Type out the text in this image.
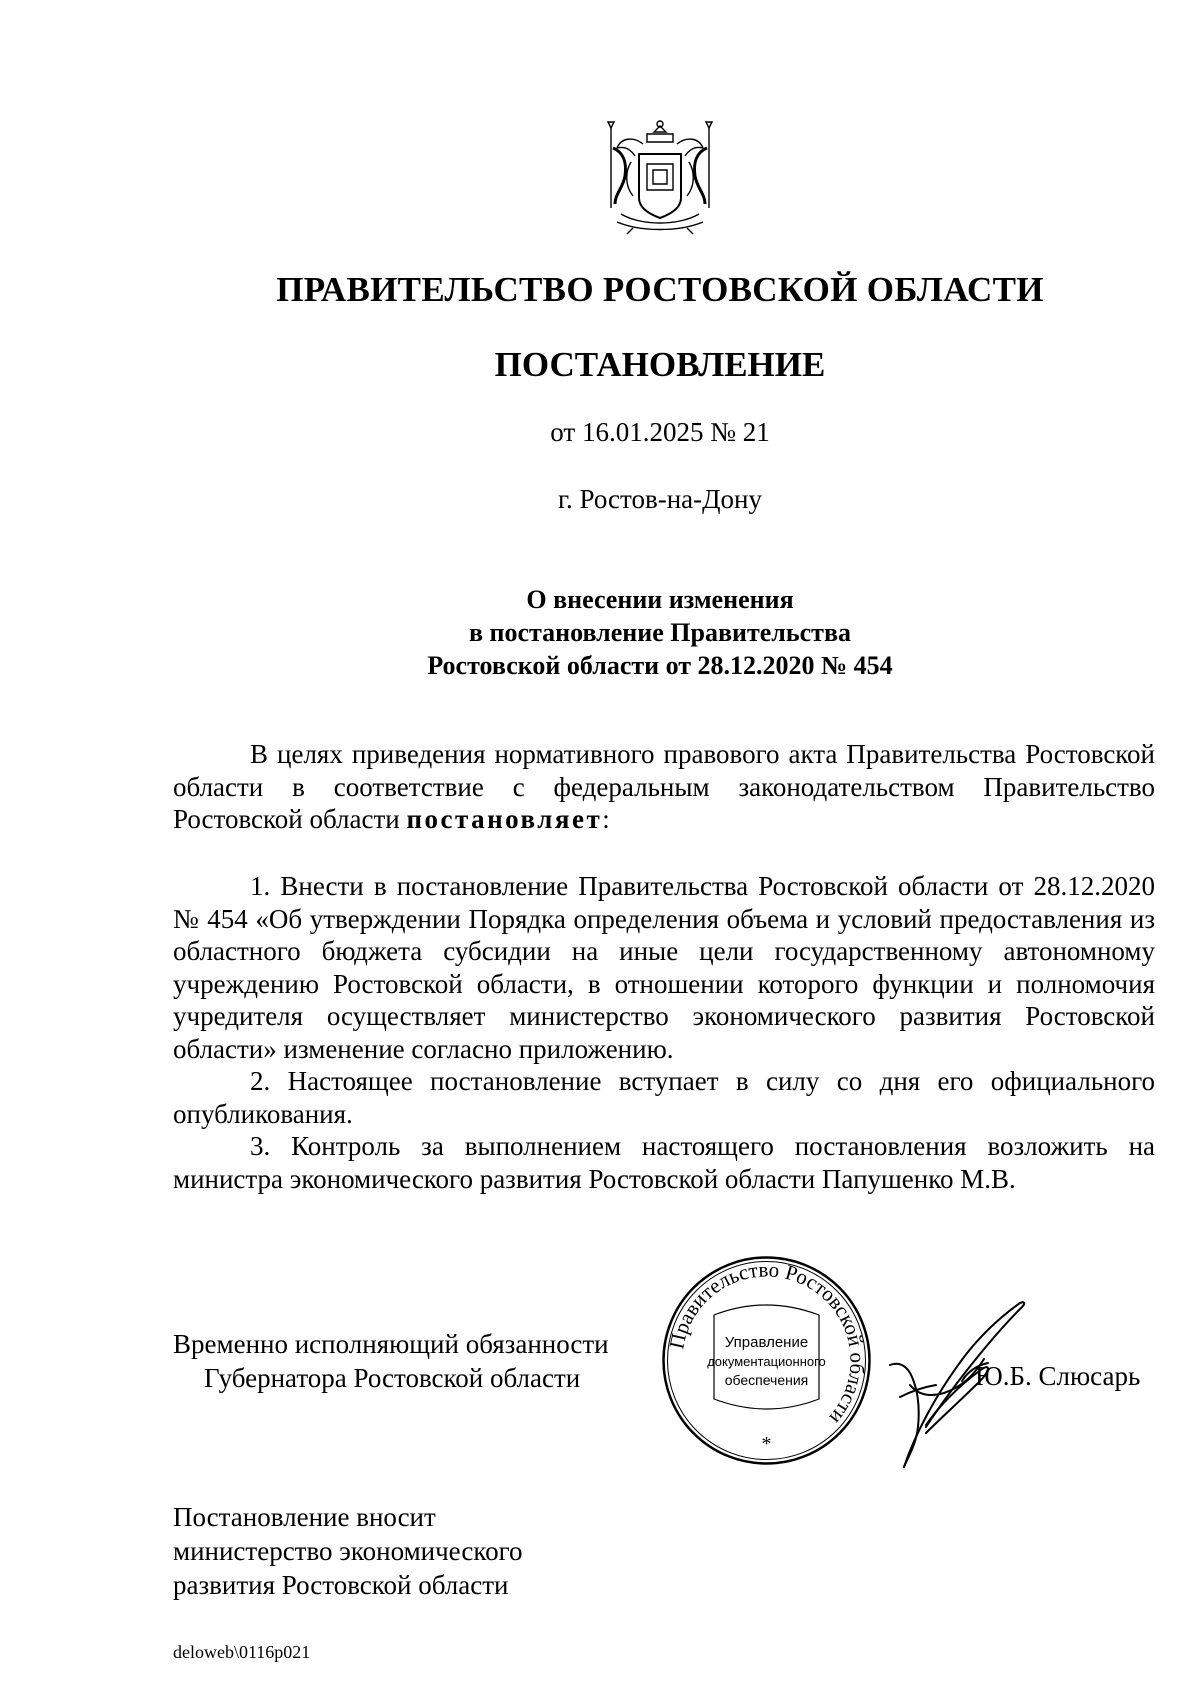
ПРАВИТЕЛЬСТВО РОСТОВСКОЙ ОБЛАСТИ
ПОСТАНОВЛЕНИЕ
от 16.01.2025 № 21
г. Ростов-на-Дону
О внесении изменения
в постановление Правительства
Ростовской области от 28.12.2020 № 454

В целях приведения нормативного правового акта Правительства Ростовской области в соответствие с федеральным законодательством Правительство Ростовской области постановляет:

1. Внести в постановление Правительства Ростовской области от 28.12.2020 № 454 «Об утверждении Порядка определения объема и условий предоставления из областного бюджета субсидии на иные цели государственному автономному учреждению Ростовской области, в отношении которого функции и полномочия учредителя осуществляет министерство экономического развития Ростовской области» изменение согласно приложению.

2. Настоящее постановление вступает в силу со дня его официального опубликования.

3. Контроль за выполнением настоящего постановления возложить на министра экономического развития Ростовской области Папушенко М.В.

Временно исполняющий обязанности
Губернатора Ростовской области
Правительство Ростовской области
Управление
документационного
обеспечения
*
Ю.Б. Слюсарь
Постановление вносит
министерство экономического
развития Ростовской области
deloweb\0116p021
